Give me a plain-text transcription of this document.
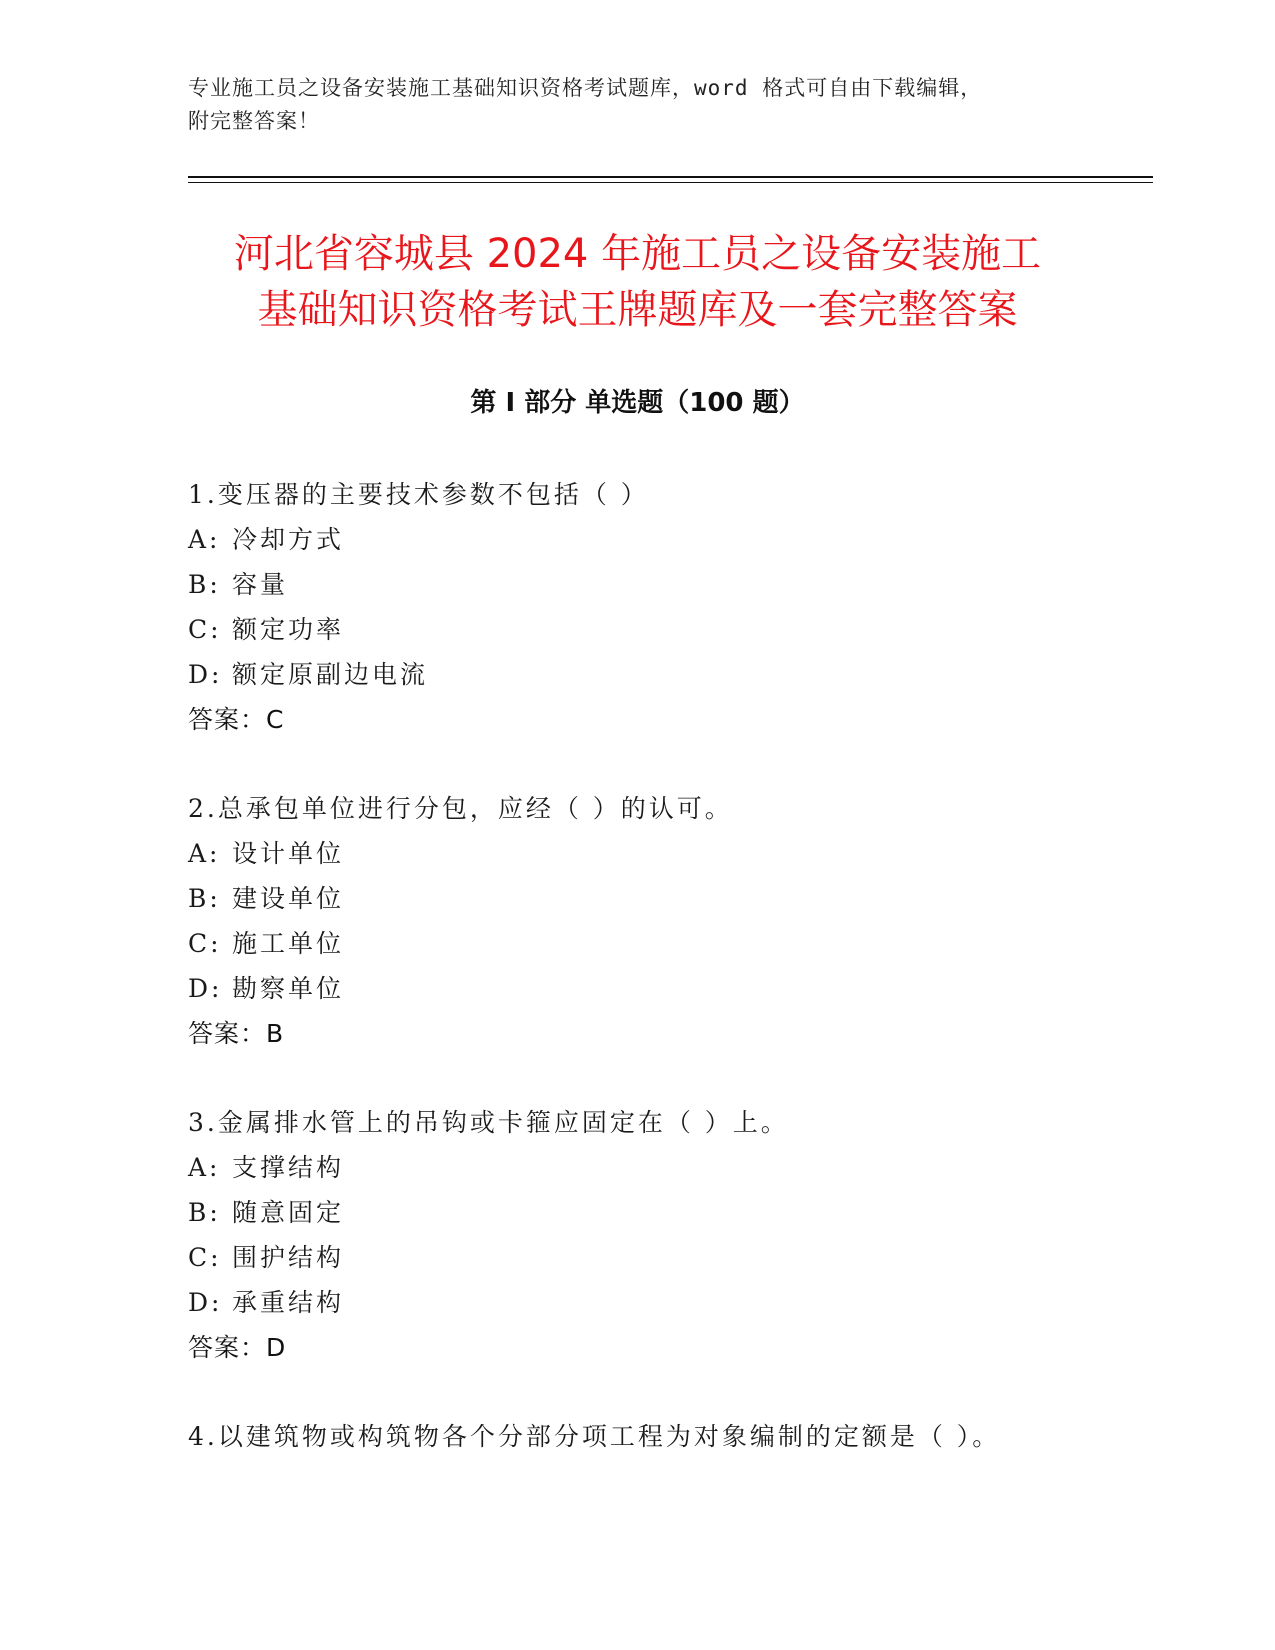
专业施工员之设备安装施工基础知识资格考试题库，word 格式可自由下载编辑，
附完整答案！
河北省容城县 2024 年施工员之设备安装施工
基础知识资格考试王牌题库及一套完整答案
第 I 部分 单选题（100 题）
1.变压器的主要技术参数不包括（ ）
A: 冷却方式
B: 容量
C: 额定功率
D: 额定原副边电流
答案：C
2.总承包单位进行分包，应经（ ）的认可。
A: 设计单位
B: 建设单位
C: 施工单位
D: 勘察单位
答案：B
3.金属排水管上的吊钩或卡箍应固定在（ ）上。
A: 支撑结构
B: 随意固定
C: 围护结构
D: 承重结构
答案：D
4.以建筑物或构筑物各个分部分项工程为对象编制的定额是（ ）。
